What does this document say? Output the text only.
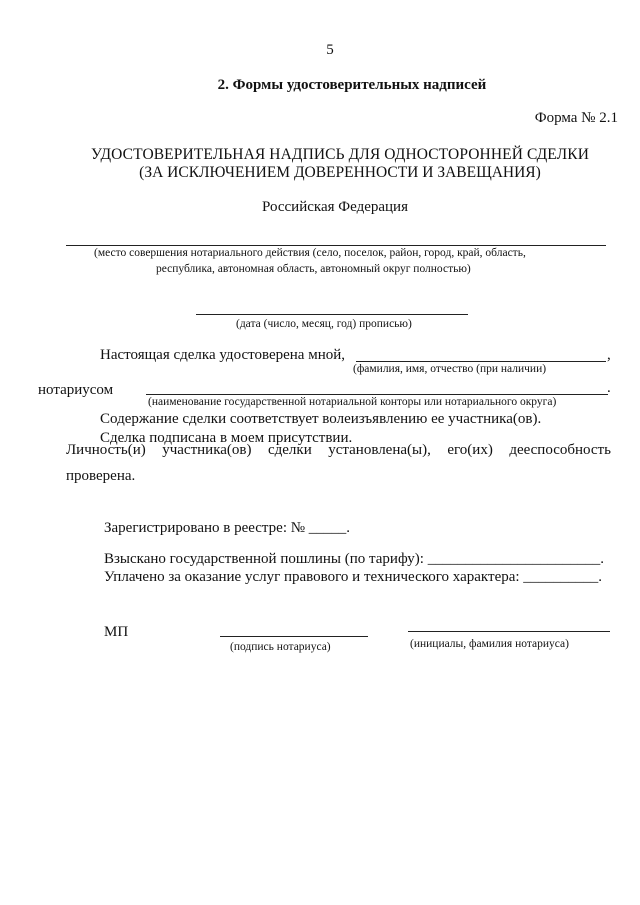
5
2. Формы удостоверительных надписей
Форма № 2.1
УДОСТОВЕРИТЕЛЬНАЯ НАДПИСЬ ДЛЯ ОДНОСТОРОННЕЙ СДЕЛКИ
(ЗА ИСКЛЮЧЕНИЕМ ДОВЕРЕННОСТИ И ЗАВЕЩАНИЯ)
Российская Федерация
(место совершения нотариального действия (село, поселок, район, город, край, область,
республика, автономная область, автономный округ полностью)
(дата (число, месяц, год) прописью)
Настоящая сделка удостоверена мной,	,
(фамилия, имя, отчество (при наличии)
нотариусом	.
(наименование государственной нотариальной конторы или нотариального округа)
Содержание сделки соответствует волеизъявлению ее участника(ов).
Сделка подписана в моем присутствии.
Личность(и) участника(ов) сделки установлена(ы), его(их) дееспособность
проверена.
Зарегистрировано в реестре: № _____.
Взыскано государственной пошлины (по тарифу): _______________________.
Уплачено за оказание услуг правового и технического характера: __________.
МП
(подпись нотариуса)	(инициалы, фамилия нотариуса)
